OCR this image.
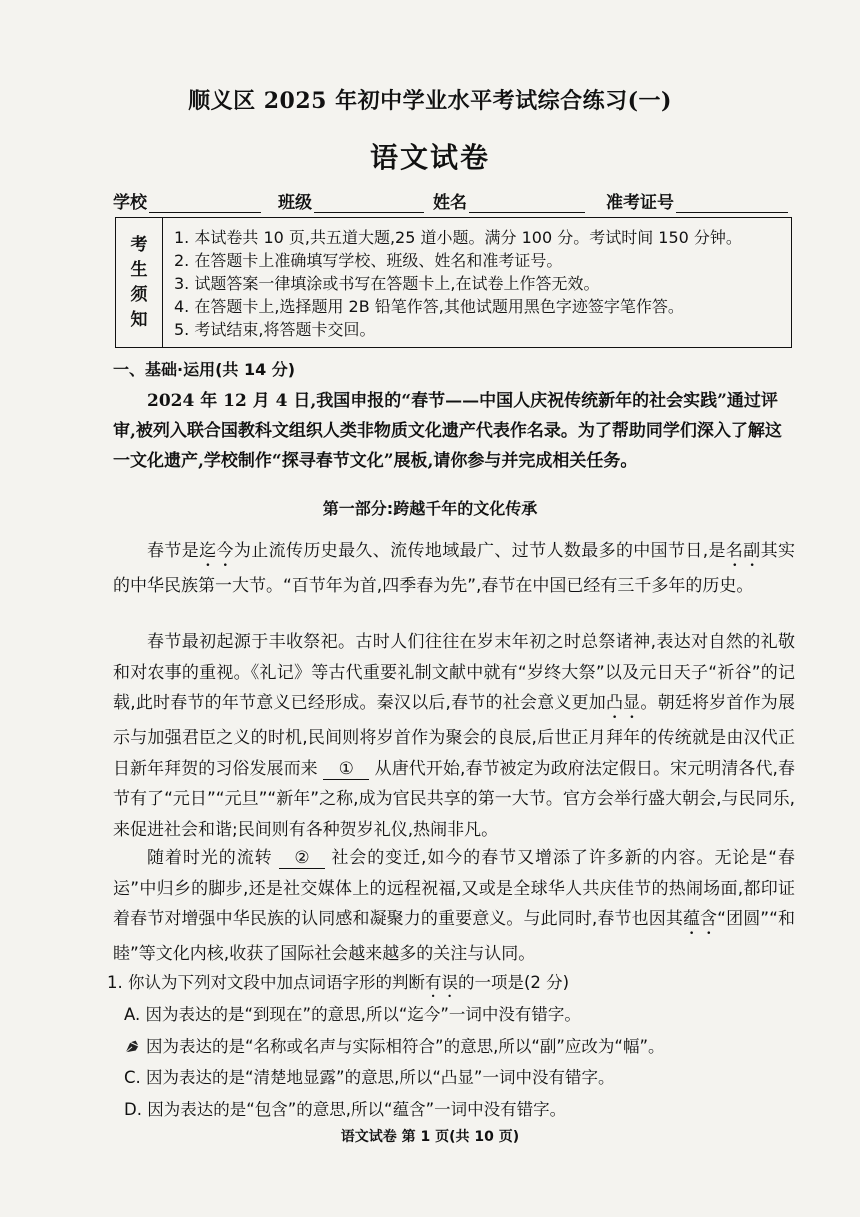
顺义区 2025 年初中学业水平考试综合练习(一)
语文试卷
学校	班级	姓名	准考证号
考
生
须
知
1. 本试卷共 10 页,共五道大题,25 道小题。满分 100 分。考试时间 150 分钟。
2. 在答题卡上准确填写学校、班级、姓名和准考证号。
3. 试题答案一律填涂或书写在答题卡上,在试卷上作答无效。
4. 在答题卡上,选择题用 2B 铅笔作答,其他试题用黑色字迹签字笔作答。
5. 考试结束,将答题卡交回。
一、基础·运用(共 14 分)
2024 年 12 月 4 日,我国申报的“春节——中国人庆祝传统新年的社会实践”通过评审,被列入联合国教科文组织人类非物质文化遗产代表作名录。为了帮助同学们深入了解这一文化遗产,学校制作“探寻春节文化”展板,请你参与并完成相关任务。
第一部分:跨越千年的文化传承
春节是迄今为止流传历史最久、流传地域最广、过节人数最多的中国节日,是名副其实的中华民族第一大节。“百节年为首,四季春为先”,春节在中国已经有三千多年的历史。
春节最初起源于丰收祭祀。古时人们往往在岁末年初之时总祭诸神,表达对自然的礼敬和对农事的重视。《礼记》等古代重要礼制文献中就有“岁终大祭”以及元日天子“祈谷”的记载,此时春节的年节意义已经形成。秦汉以后,春节的社会意义更加凸显。朝廷将岁首作为展示与加强君臣之义的时机,民间则将岁首作为聚会的良辰,后世正月拜年的传统就是由汉代正日新年拜贺的习俗发展而来 ① 从唐代开始,春节被定为政府法定假日。宋元明清各代,春节有了“元日”“元旦”“新年”之称,成为官民共享的第一大节。官方会举行盛大朝会,与民同乐,来促进社会和谐;民间则有各种贺岁礼仪,热闹非凡。
随着时光的流转 ② 社会的变迁,如今的春节又增添了许多新的内容。无论是“春运”中归乡的脚步,还是社交媒体上的远程祝福,又或是全球华人共庆佳节的热闹场面,都印证着春节对增强中华民族的认同感和凝聚力的重要意义。与此同时,春节也因其蕴含“团圆”“和睦”等文化内核,收获了国际社会越来越多的关注与认同。
1. 你认为下列对文段中加点词语字形的判断有误的一项是(2 分)
A. 因为表达的是“到现在”的意思,所以“迄今”一词中没有错字。
因为表达的是“名称或名声与实际相符合”的意思,所以“副”应改为“幅”。
C. 因为表达的是“清楚地显露”的意思,所以“凸显”一词中没有错字。
D. 因为表达的是“包含”的意思,所以“蕴含”一词中没有错字。
语文试卷 第 1 页(共 10 页)
